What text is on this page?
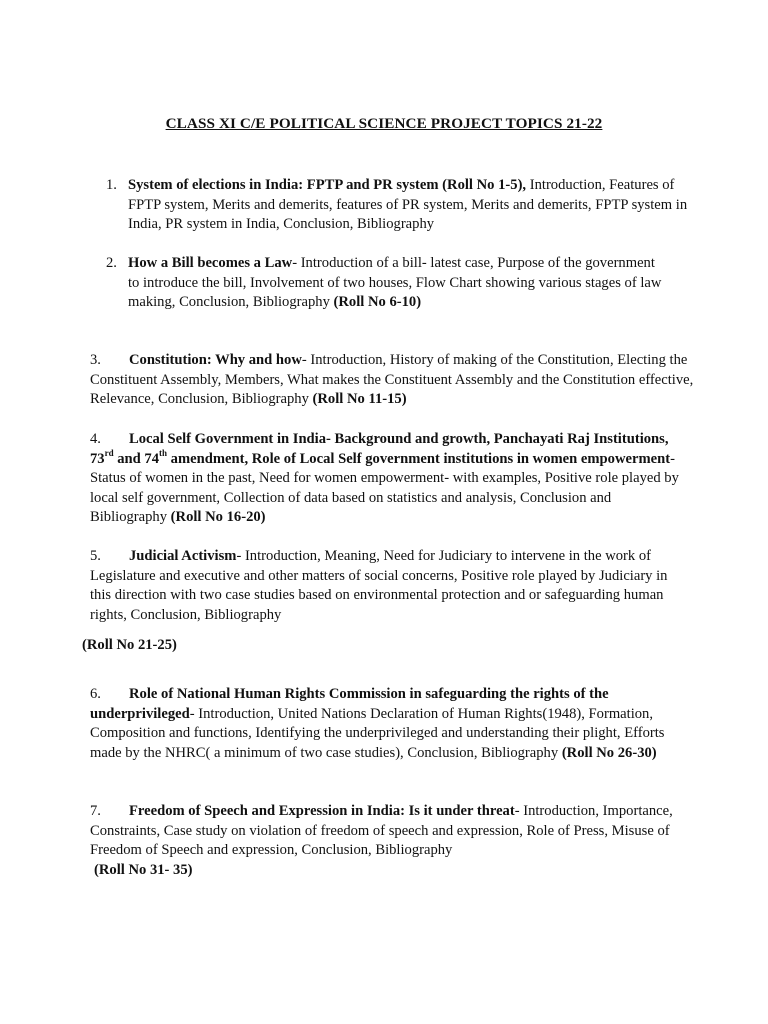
CLASS XI C/E POLITICAL SCIENCE PROJECT TOPICS 21-22
1. System of elections in India: FPTP and PR system (Roll No 1-5), Introduction, Features of FPTP system, Merits and demerits, features of PR system, Merits and demerits, FPTP system in India, PR system in India, Conclusion, Bibliography
2. How a Bill becomes a Law- Introduction of a bill- latest case, Purpose of the government to introduce the bill, Involvement of two houses, Flow Chart showing various stages of law making, Conclusion, Bibliography (Roll No 6-10)
3. Constitution: Why and how- Introduction, History of making of the Constitution, Electing the Constituent Assembly, Members, What makes the Constituent Assembly and the Constitution effective, Relevance, Conclusion, Bibliography (Roll No 11-15)
4. Local Self Government in India- Background and growth, Panchayati Raj Institutions, 73rd and 74th amendment, Role of Local Self government institutions in women empowerment- Status of women in the past, Need for women empowerment- with examples, Positive role played by local self government, Collection of data based on statistics and analysis, Conclusion and Bibliography (Roll No 16-20)
5. Judicial Activism- Introduction, Meaning, Need for Judiciary to intervene in the work of Legislature and executive and other matters of social concerns, Positive role played by Judiciary in this direction with two case studies based on environmental protection and or safeguarding human rights, Conclusion, Bibliography
(Roll No 21-25)
6. Role of National Human Rights Commission in safeguarding the rights of the underprivileged- Introduction, United Nations Declaration of Human Rights(1948), Formation, Composition and functions, Identifying the underprivileged and understanding their plight, Efforts made by the NHRC( a minimum of two case studies), Conclusion, Bibliography (Roll No 26-30)
7. Freedom of Speech and Expression in India: Is it under threat- Introduction, Importance, Constraints, Case study on violation of freedom of speech and expression, Role of Press, Misuse of Freedom of Speech and expression, Conclusion, Bibliography
(Roll No 31- 35)
